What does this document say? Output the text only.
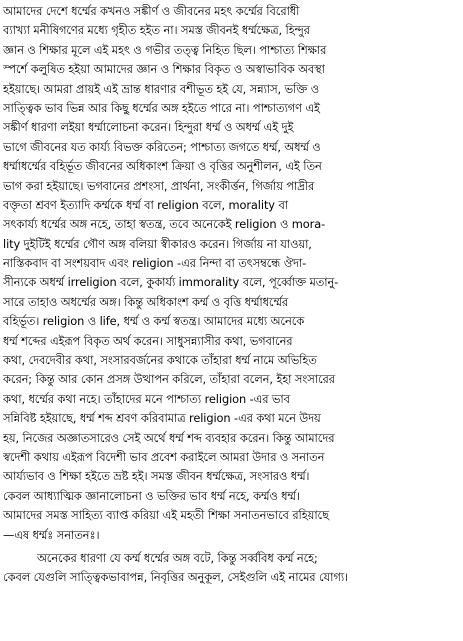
আমাদের দেশে ধর্ম্মের কখনও সঙ্কীর্ণ ও জীবনের মহৎ কর্ম্মের বিরোধী
ব্যাখ্যা মনীষিগণের মধ্যে গৃহীত হইত না। সমস্ত জীবনই ধর্ম্মক্ষেত্র, হিন্দুর
জ্ঞান ও শিক্ষার মূলে এই মহৎ ও গভীর তত্ত্ব নিহিত ছিল। পাশ্চাত্য শিক্ষার
স্পর্শে কলুষিত হইয়া আমাদের জ্ঞান ও শিক্ষার বিকৃত ও অস্বাভাবিক অবস্থা
হইয়াছে। আমরা প্রায়ই এই ভ্রান্ত ধারণার বশীভূত হই যে, সন্ন্যাস, ভক্তি ও
সাত্ত্বিক ভাব ভিন্ন আর কিছু ধর্ম্মের অঙ্গ হইতে পারে না। পাশ্চাত্যগণ এই
সঙ্কীর্ণ ধারণা লইয়া ধর্ম্মালোচনা করেন। হিন্দুরা ধর্ম্ম ও অধর্ম্ম এই দুই
ভাগে জীবনের যত কার্য্য বিভক্ত করিতেন; পাশ্চাত্য জগতে ধর্ম্ম, অধর্ম্ম ও
ধর্ম্মাধর্ম্মের বহির্ভূত জীবনের অধিকাংশ ক্রিয়া ও বৃত্তির অনুশীলন, এই তিন
ভাগ করা হইয়াছে। ভগবানের প্রশংসা, প্রার্থনা, সংকীর্ত্তন, গির্জায় পাদ্রীর
বক্তৃতা শ্রবণ ইত্যাদি কর্ম্মকে ধর্ম্ম বা religion বলে, morality বা
সৎকার্য্য ধর্ম্মের অঙ্গ নহে, তাহা স্বতন্ত্র, তবে অনেকেই religion ও mora-
lity দুইটিই ধর্ম্মের গৌণ অঙ্গ বলিয়া স্বীকারও করেন। গির্জায় না যাওয়া,
নাস্তিকবাদ বা সংশয়বাদ এবং religion -এর নিন্দা বা তৎসম্বন্ধে ঔদা-
সীন্যকে অধর্ম্ম irreligion বলে, কুকার্য্য immorality বলে, পূর্ব্বোক্ত মতানু-
সারে তাহাও অধর্ম্মের অঙ্গ। কিন্তু অধিকাংশ কর্ম্ম ও বৃত্তি ধর্ম্মাধর্ম্মের
বহির্ভূত। religion ও life, ধর্ম্ম ও কর্ম্ম স্বতন্ত্র। আমাদের মধ্যে অনেকে
ধর্ম্ম শব্দের এইরূপ বিকৃত অর্থ করেন। সাধুসন্ন্যাসীর কথা, ভগবানের
কথা, দেবদেবীর কথা, সংসারবর্জনের কথাকে তাঁহারা ধর্ম্ম নামে অভিহিত
করেন; কিন্তু আর কোন প্রসঙ্গ উত্থাপন করিলে, তাঁহারা বলেন, ইহা সংসারের
কথা, ধর্ম্মের কথা নহে। তাঁহাদের মনে পাশ্চাত্য religion -এর ভাব
সন্নিবিষ্ট হইয়াছে, ধর্ম্ম শব্দ শ্রবণ করিবামাত্র religion -এর কথা মনে উদয়
হয়, নিজের অজ্ঞাতসারেও সেই অর্থে ধর্ম্ম শব্দ ব্যবহার করেন। কিন্তু আমাদের
স্বদেশী কথায় এইরূপ বিদেশী ভাব প্রবেশ করাইলে আমরা উদার ও সনাতন
আর্য্যভাব ও শিক্ষা হইতে ভ্রষ্ট হই। সমস্ত জীবন ধর্ম্মক্ষেত্র, সংসারও ধর্ম্ম।
কেবল আধ্যাত্মিক জ্ঞানালোচনা ও ভক্তির ভাব ধর্ম্ম নহে, কর্ম্মও ধর্ম্ম।
আমাদের সমস্ত সাহিত্য ব্যাপ্ত করিয়া এই মহতী শিক্ষা সনাতনভাবে রহিয়াছে
—এষ ধর্ম্মঃ সনাতনঃ।
অনেকের ধারণা যে কর্ম্ম ধর্ম্মের অঙ্গ বটে, কিন্তু সর্ব্ববিধ কর্ম্ম নহে;
কেবল যেগুলি সাত্ত্বিকভাবাপন্ন, নিবৃত্তির অনুকূল, সেইগুলি এই নামের যোগ্য।
